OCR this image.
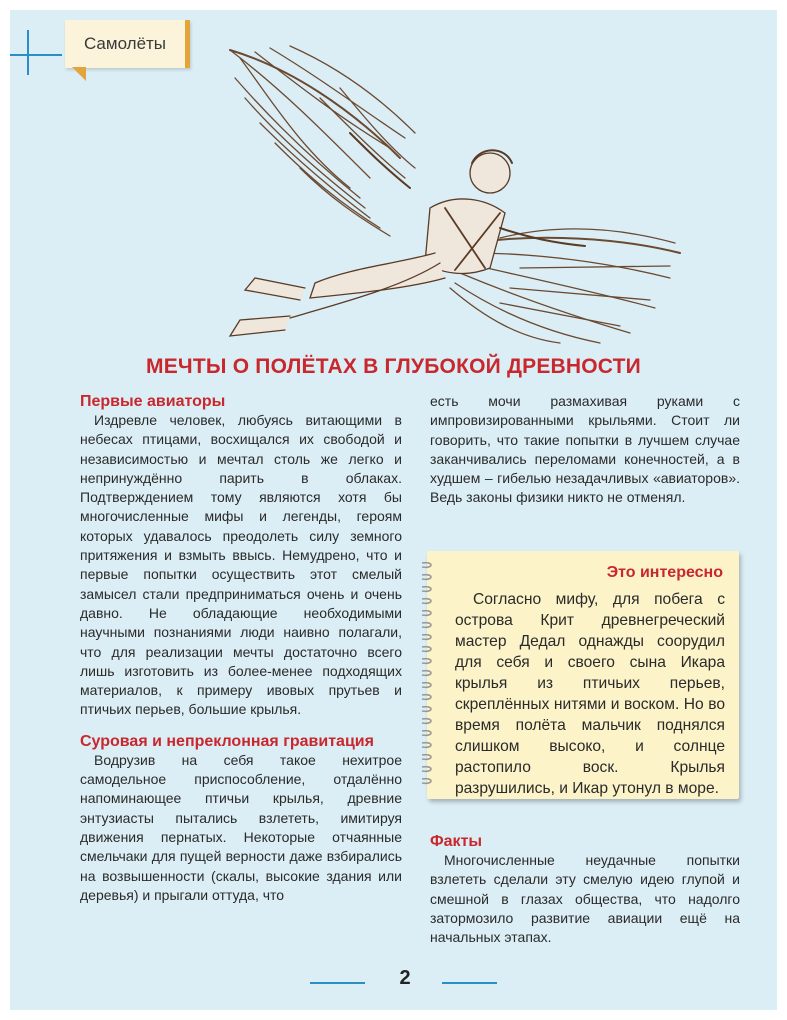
Самолёты
МЕЧТЫ О ПОЛЁТАХ В ГЛУБОКОЙ ДРЕВНОСТИ
Первые авиаторы

Издревле человек, любуясь витающими в небесах птицами, восхищался их свободой и независимостью и мечтал столь же легко и непринуждённо парить в облаках. Подтверждением тому являются хотя бы многочисленные мифы и легенды, героям которых удавалось преодолеть силу земного притяжения и взмыть ввысь. Немудрено, что и первые попытки осуществить этот смелый замысел стали предприниматься очень и очень давно. Не обладающие необходимыми научными познаниями люди наивно полагали, что для реализации мечты достаточно всего лишь изготовить из более-менее подходящих материалов, к примеру ивовых прутьев и птичьих перьев, большие крылья.

Суровая и непреклонная гравитация

Водрузив на себя такое нехитрое самодельное приспособление, отдалённо напоминающее птичьи крылья, древние энтузиасты пытались взлететь, имитируя движения пернатых. Некоторые отчаянные смельчаки для пущей верности даже взбирались на возвышенности (скалы, высокие здания или деревья) и прыгали оттуда, что

есть мочи размахивая руками с импровизированными крыльями. Стоит ли говорить, что такие попытки в лучшем случае заканчивались переломами конечностей, а в худшем – гибелью незадачливых «авиаторов». Ведь законы физики никто не отменял.

Это интересно

Согласно мифу, для побега с острова Крит древнегреческий мастер Дедал однажды соорудил для себя и своего сына Икара крылья из птичьих перьев, скреплённых нитями и воском. Но во время полёта мальчик поднялся слишком высоко, и солнце растопило воск. Крылья разрушились, и Икар утонул в море.

Факты

Многочисленные неудачные попытки взлететь сделали эту смелую идею глупой и смешной в глазах общества, что надолго затормозило развитие авиации ещё на начальных этапах.

2
